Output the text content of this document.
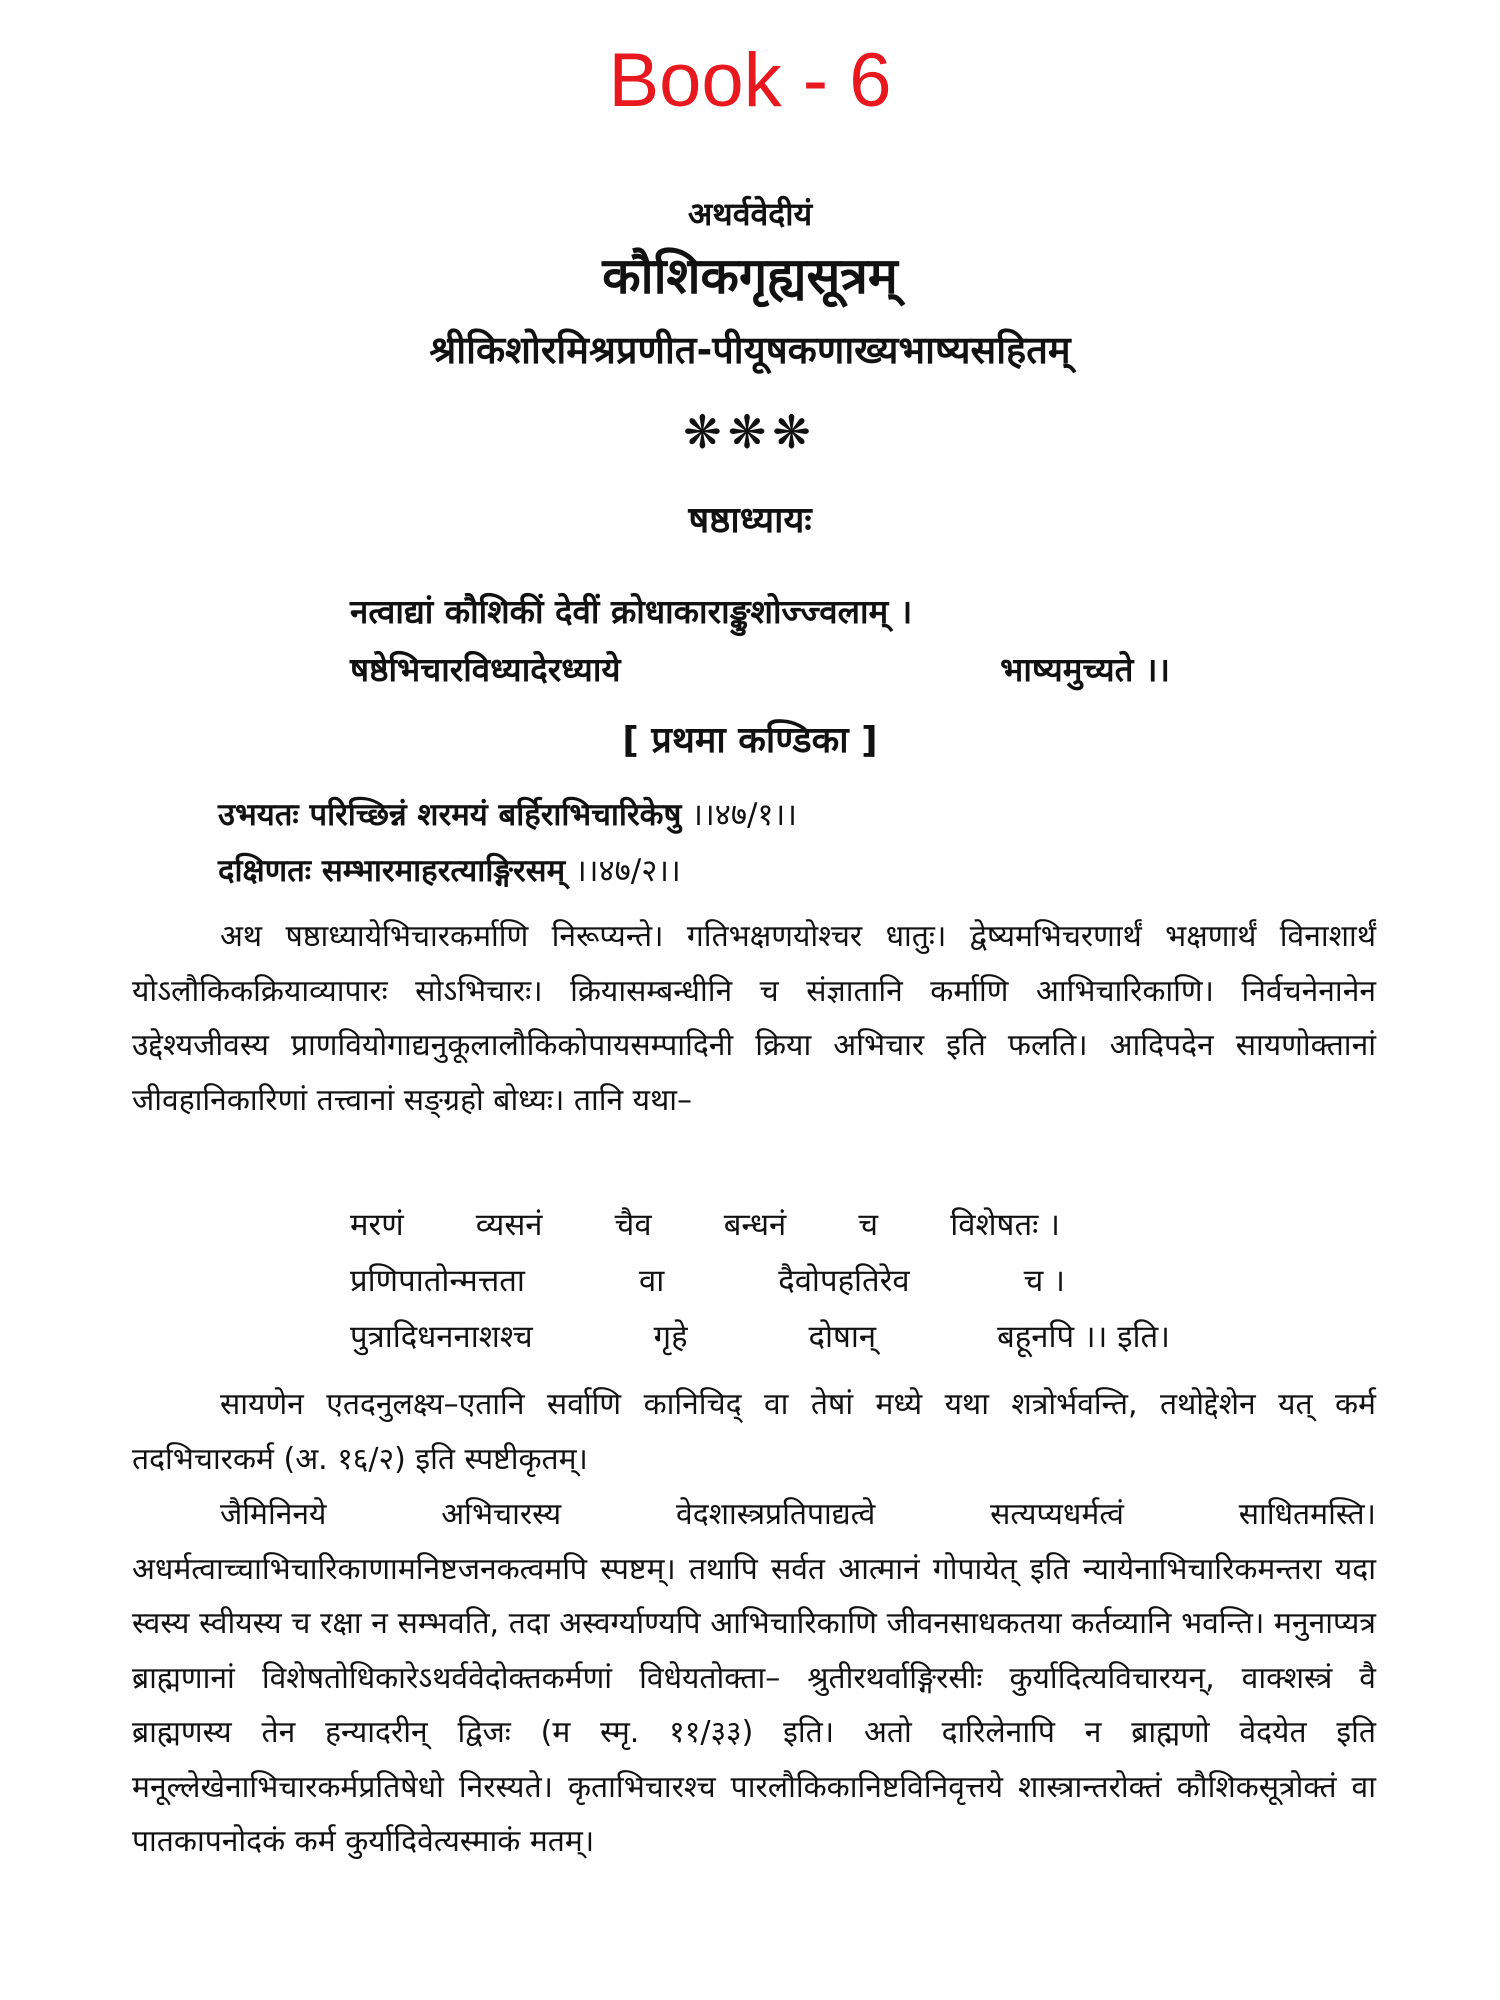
Book - 6
अथर्ववेदीयं
कौशिकगृह्यसूत्रम्
श्रीकिशोरमिश्रप्रणीत-पीयूषकणाख्यभाष्यसहितम्
❋❋❋
षष्ठाध्यायः
नत्वाद्यां कौशिकीं देवीं क्रोधाकाराङ्कुशोज्ज्वलाम् ।
षष्ठेभिचारविध्यादेरध्याये	भाष्यमुच्यते ।।
[ प्रथमा कण्डिका ]
उभयतः परिच्छिन्नं शरमयं बर्हिराभिचारिकेषु ।।४७/१।।
दक्षिणतः सम्भारमाहरत्याङ्गिरसम् ।।४७/२।।
अथ षष्ठाध्यायेभिचारकर्माणि निरूप्यन्ते। गतिभक्षणयोश्चर धातुः। द्वेष्यमभिचरणार्थं भक्षणार्थं विनाशार्थं योऽलौकिकक्रियाव्यापारः सोऽभिचारः। क्रियासम्बन्धीनि च संज्ञातानि कर्माणि आभिचारिकाणि। निर्वचनेनानेन उद्देश्यजीवस्य प्राणवियोगाद्यनुकूलालौकिकोपायसम्पादिनी क्रिया अभिचार इति फलति। आदिपदेन सायणोक्तानां जीवहानिकारिणां तत्त्वानां सङ्ग्रहो बोध्यः। तानि यथा–
मरणं व्यसनं चैव बन्धनं च विशेषतः ।
प्रणिपातोन्मत्तता	वा	दैवोपहतिरेव	च ।
पुत्रादिधननाशश्च	गृहे	दोषान्	बहूनपि ।। इति।
सायणेन एतदनुलक्ष्य–एतानि सर्वाणि कानिचिद् वा तेषां मध्ये यथा शत्रोर्भवन्ति, तथोद्देशेन यत् कर्म तदभिचारकर्म (अ. १६/२) इति स्पष्टीकृतम्।
जैमिनिनये अभिचारस्य वेदशास्त्रप्रतिपाद्यत्वे सत्यप्यधर्मत्वं साधितमस्ति। अधर्मत्वाच्चाभिचारिकाणामनिष्टजनकत्वमपि स्पष्टम्। तथापि सर्वत आत्मानं गोपायेत् इति न्यायेनाभिचारिकमन्तरा यदा स्वस्य स्वीयस्य च रक्षा न सम्भवति, तदा अस्वर्ग्याण्यपि आभिचारिकाणि जीवनसाधकतया कर्तव्यानि भवन्ति। मनुनाप्यत्र ब्राह्मणानां विशेषतोधिकारेऽथर्ववेदोक्तकर्मणां विधेयतोक्ता– श्रुतीरथर्वाङ्गिरसीः कुर्यादित्यविचारयन्, वाक्शस्त्रं वै ब्राह्मणस्य तेन हन्यादरीन् द्विजः (म स्मृ. ११/३३) इति। अतो दारिलेनापि न ब्राह्मणो वेदयेत इति मनूल्लेखेनाभिचारकर्मप्रतिषेधो निरस्यते। कृताभिचारश्च पारलौकिकानिष्टविनिवृत्तये शास्त्रान्तरोक्तं कौशिकसूत्रोक्तं वा पातकापनोदकं कर्म कुर्यादिवेत्यस्माकं मतम्।
